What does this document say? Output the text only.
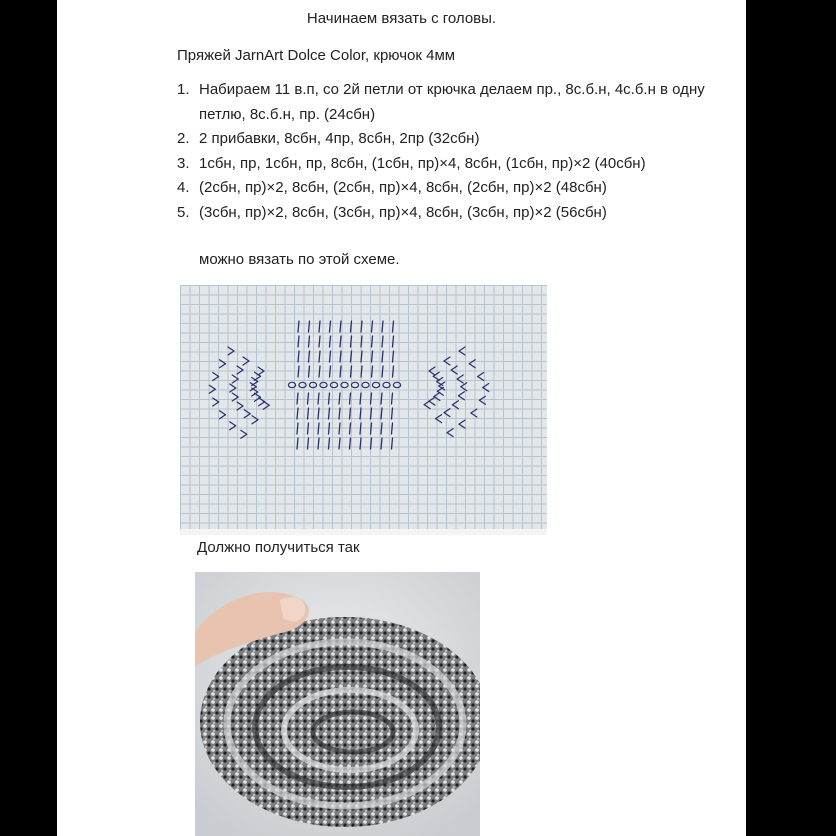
Начинаем вязать с головы.
Пряжей JarnArt Dolce Color, крючок 4мм
1. Набираем 11 в.п, со 2й петли от крючка делаем пр., 8с.б.н, 4с.б.н в одну петлю, 8с.б.н, пр. (24сбн)
2. 2 прибавки, 8сбн, 4пр, 8сбн, 2пр (32сбн)
3. 1сбн, пр, 1сбн, пр, 8сбн, (1сбн, пр)×4, 8сбн, (1сбн, пр)×2 (40сбн)
4. (2сбн, пр)×2, 8сбн, (2сбн, пр)×4, 8сбн, (2сбн, пр)×2 (48сбн)
5. (3сбн, пр)×2, 8сбн, (3сбн, пр)×4, 8сбн, (3сбн, пр)×2 (56сбн)
можно вязать по этой схеме.
Должно получиться так
